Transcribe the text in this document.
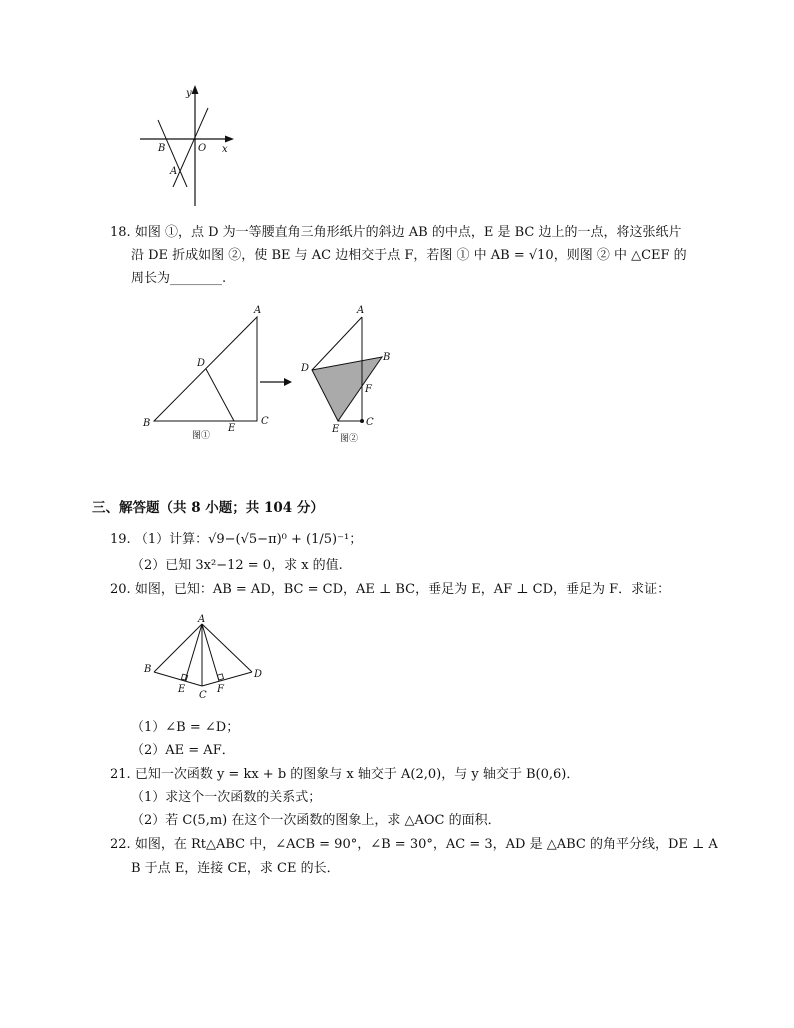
y
x
O
B
A
18. 如图 ①，点 D 为一等腰直角三角形纸片的斜边 AB 的中点，E 是 BC 边上的一点，将这张纸片
沿 DE 折成如图 ②，使 BE 与 AC 边相交于点 F，若图 ① 中 AB = √10，则图 ② 中 △CEF 的
周长为________.
A
D
B	E
C
图①
A
D
B
F
E
C
图②
三、解答题（共 8 小题；共 104 分）
19. （1）计算：√9−(√5−π)⁰ + (1/5)⁻¹；
（2）已知 3x²−12 = 0，求 x 的值.
20. 如图，已知：AB = AD，BC = CD，AE ⊥ BC，垂足为 E，AF ⊥ CD，垂足为 F．求证：
A
B
C
D
E	F
（1）∠B = ∠D；
（2）AE = AF．
21. 已知一次函数 y = kx + b 的图象与 x 轴交于 A(2,0)，与 y 轴交于 B(0,6)．
（1）求这个一次函数的关系式；
（2）若 C(5,m) 在这个一次函数的图象上，求 △AOC 的面积．
22. 如图，在 Rt△ABC 中，∠ACB = 90°，∠B = 30°，AC = 3，AD 是 △ABC 的角平分线，DE ⊥ A
B 于点 E，连接 CE，求 CE 的长．
